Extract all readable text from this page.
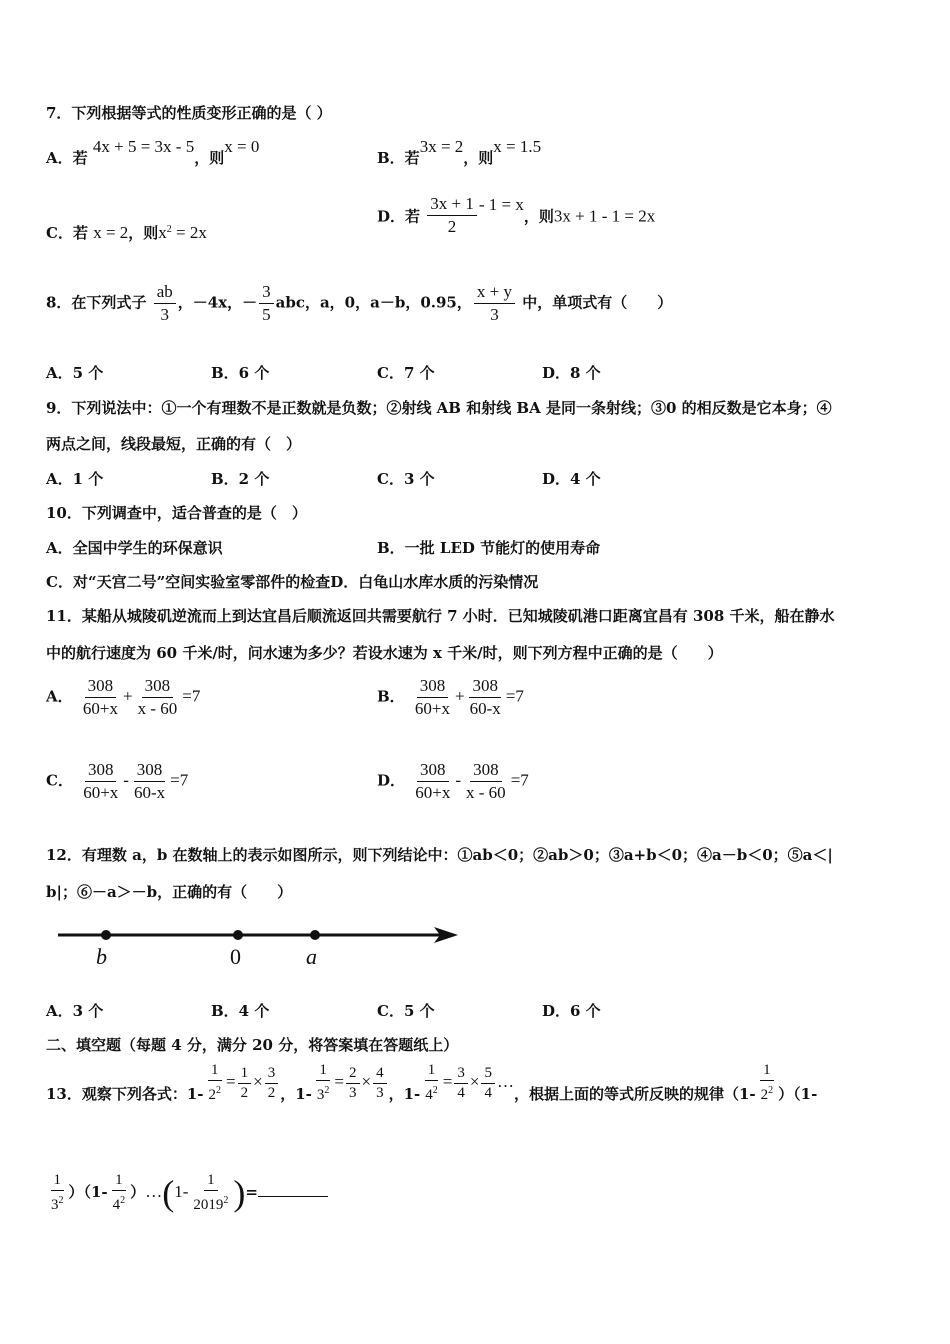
7．下列根据等式的性质变形正确的是（ ）
A．若 4x + 5 = 3x - 5，则x = 0
B．若3x = 2，则x = 1.5
C．若 x = 2，则$x^2 = 2x$
D．若 $\frac{3x + 1}{2} - 1 = x$，则3x + 1 - 1 = 2x
8．在下列式子 $\frac{ab}{3}$ ，－4x，－ $\frac{3}{5}$ abc，a，0，a－b，0.95， $\frac{x + y}{3}$ 中，单项式有（　　）
A．5 个	B．6 个	C．7 个	D．8 个
9．下列说法中：①一个有理数不是正数就是负数；②射线 AB 和射线 BA 是同一条射线；③0 的相反数是它本身；④
两点之间，线段最短，正确的有（　）
A．1 个	B．2 个	C．3 个	D．4 个
10．下列调查中，适合普查的是（　）
A．全国中学生的环保意识	B．一批 LED 节能灯的使用寿命
C．对“天宫二号”空间实验室零部件的检查D．白龟山水库水质的污染情况
11．某船从城陵矶逆流而上到达宜昌后顺流返回共需要航行 7 小时．已知城陵矶港口距离宜昌有 308 千米，船在静水
中的航行速度为 60 千米/时，问水速为多少？若设水速为 x 千米/时，则下列方程中正确的是（　　）
A． $\frac{308}{60+x} + \frac{308}{x - 60} =7$	B． $\frac{308}{60+x} + \frac{308}{60-x} =7$
C． $\frac{308}{60+x} - \frac{308}{60-x} =7$	D． $\frac{308}{60+x} - \frac{308}{x - 60} =7$
12．有理数 a，b 在数轴上的表示如图所示，则下列结论中：①ab＜0；②ab＞0；③a+b＜0；④a－b＜0；⑤a＜|
b|；⑥－a＞－b，正确的有（　　）
b	0	a
A．3 个	B．4 个	C．5 个	D．6 个
二、填空题（每题 4 分，满分 20 分，将答案填在答题纸上）
13．观察下列各式：$1- \frac{1}{2^2} = \frac{1}{2} \times \frac{3}{2}$ ，$1- \frac{1}{3^2} = \frac{2}{3} \times \frac{4}{3}$ ，$1- \frac{1}{4^2} = \frac{3}{4} \times \frac{5}{4}$ …，根据上面的等式所反映的规律$(1- \frac{1}{2^2} )(1-$
$\frac{1}{3^2} )(1- \frac{1}{4^2}$ ）…(1- $\frac{1}{2019^2}$ )=
